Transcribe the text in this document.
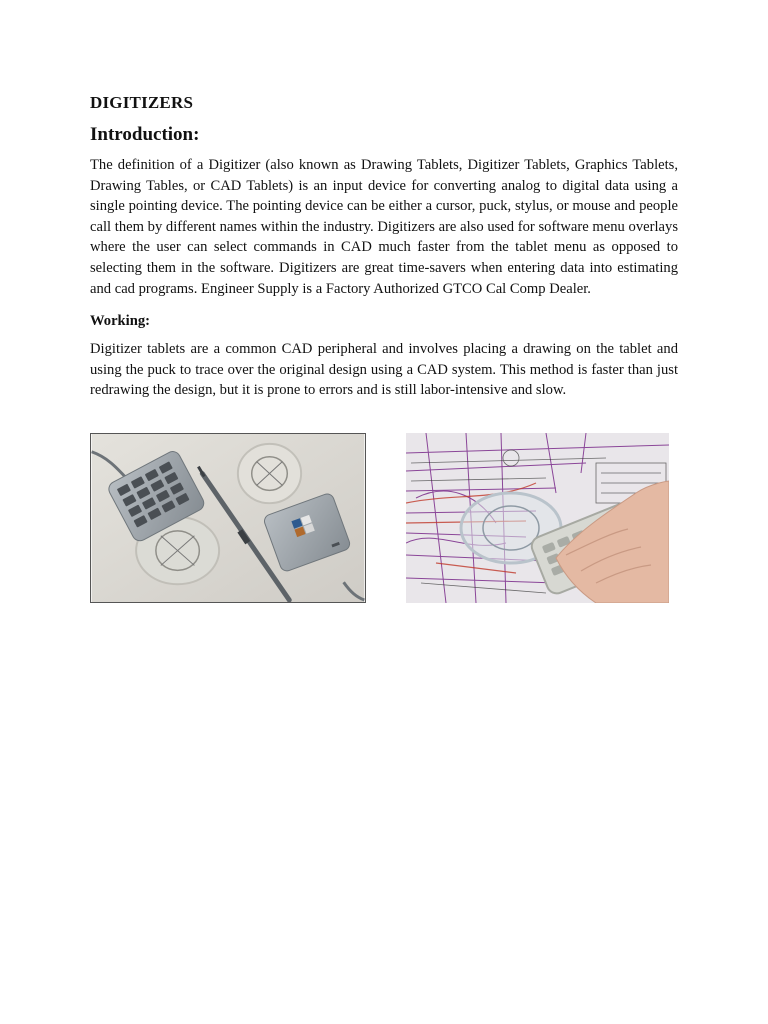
DIGITIZERS
Introduction:

The definition of a Digitizer (also known as Drawing Tablets, Digitizer Tablets, Graphics Tablets, Drawing Tables, or CAD Tablets) is an input device for converting analog to digital data using a single pointing device. The pointing device can be either a cursor, puck, stylus, or mouse and people call them by different names within the industry. Digitizers are also used for software menu overlays where the user can select commands in CAD much faster from the tablet menu as opposed to selecting them in the software. Digitizers are great time-savers when entering data into estimating and cad programs. Engineer Supply is a Factory Authorized GTCO Cal Comp Dealer.

Working:

Digitizer tablets are a common CAD peripheral and involves placing a drawing on the tablet and using the puck to trace over the original design using a CAD system. This method is faster than just redrawing the design, but it is prone to errors and is still labor-intensive and slow.
